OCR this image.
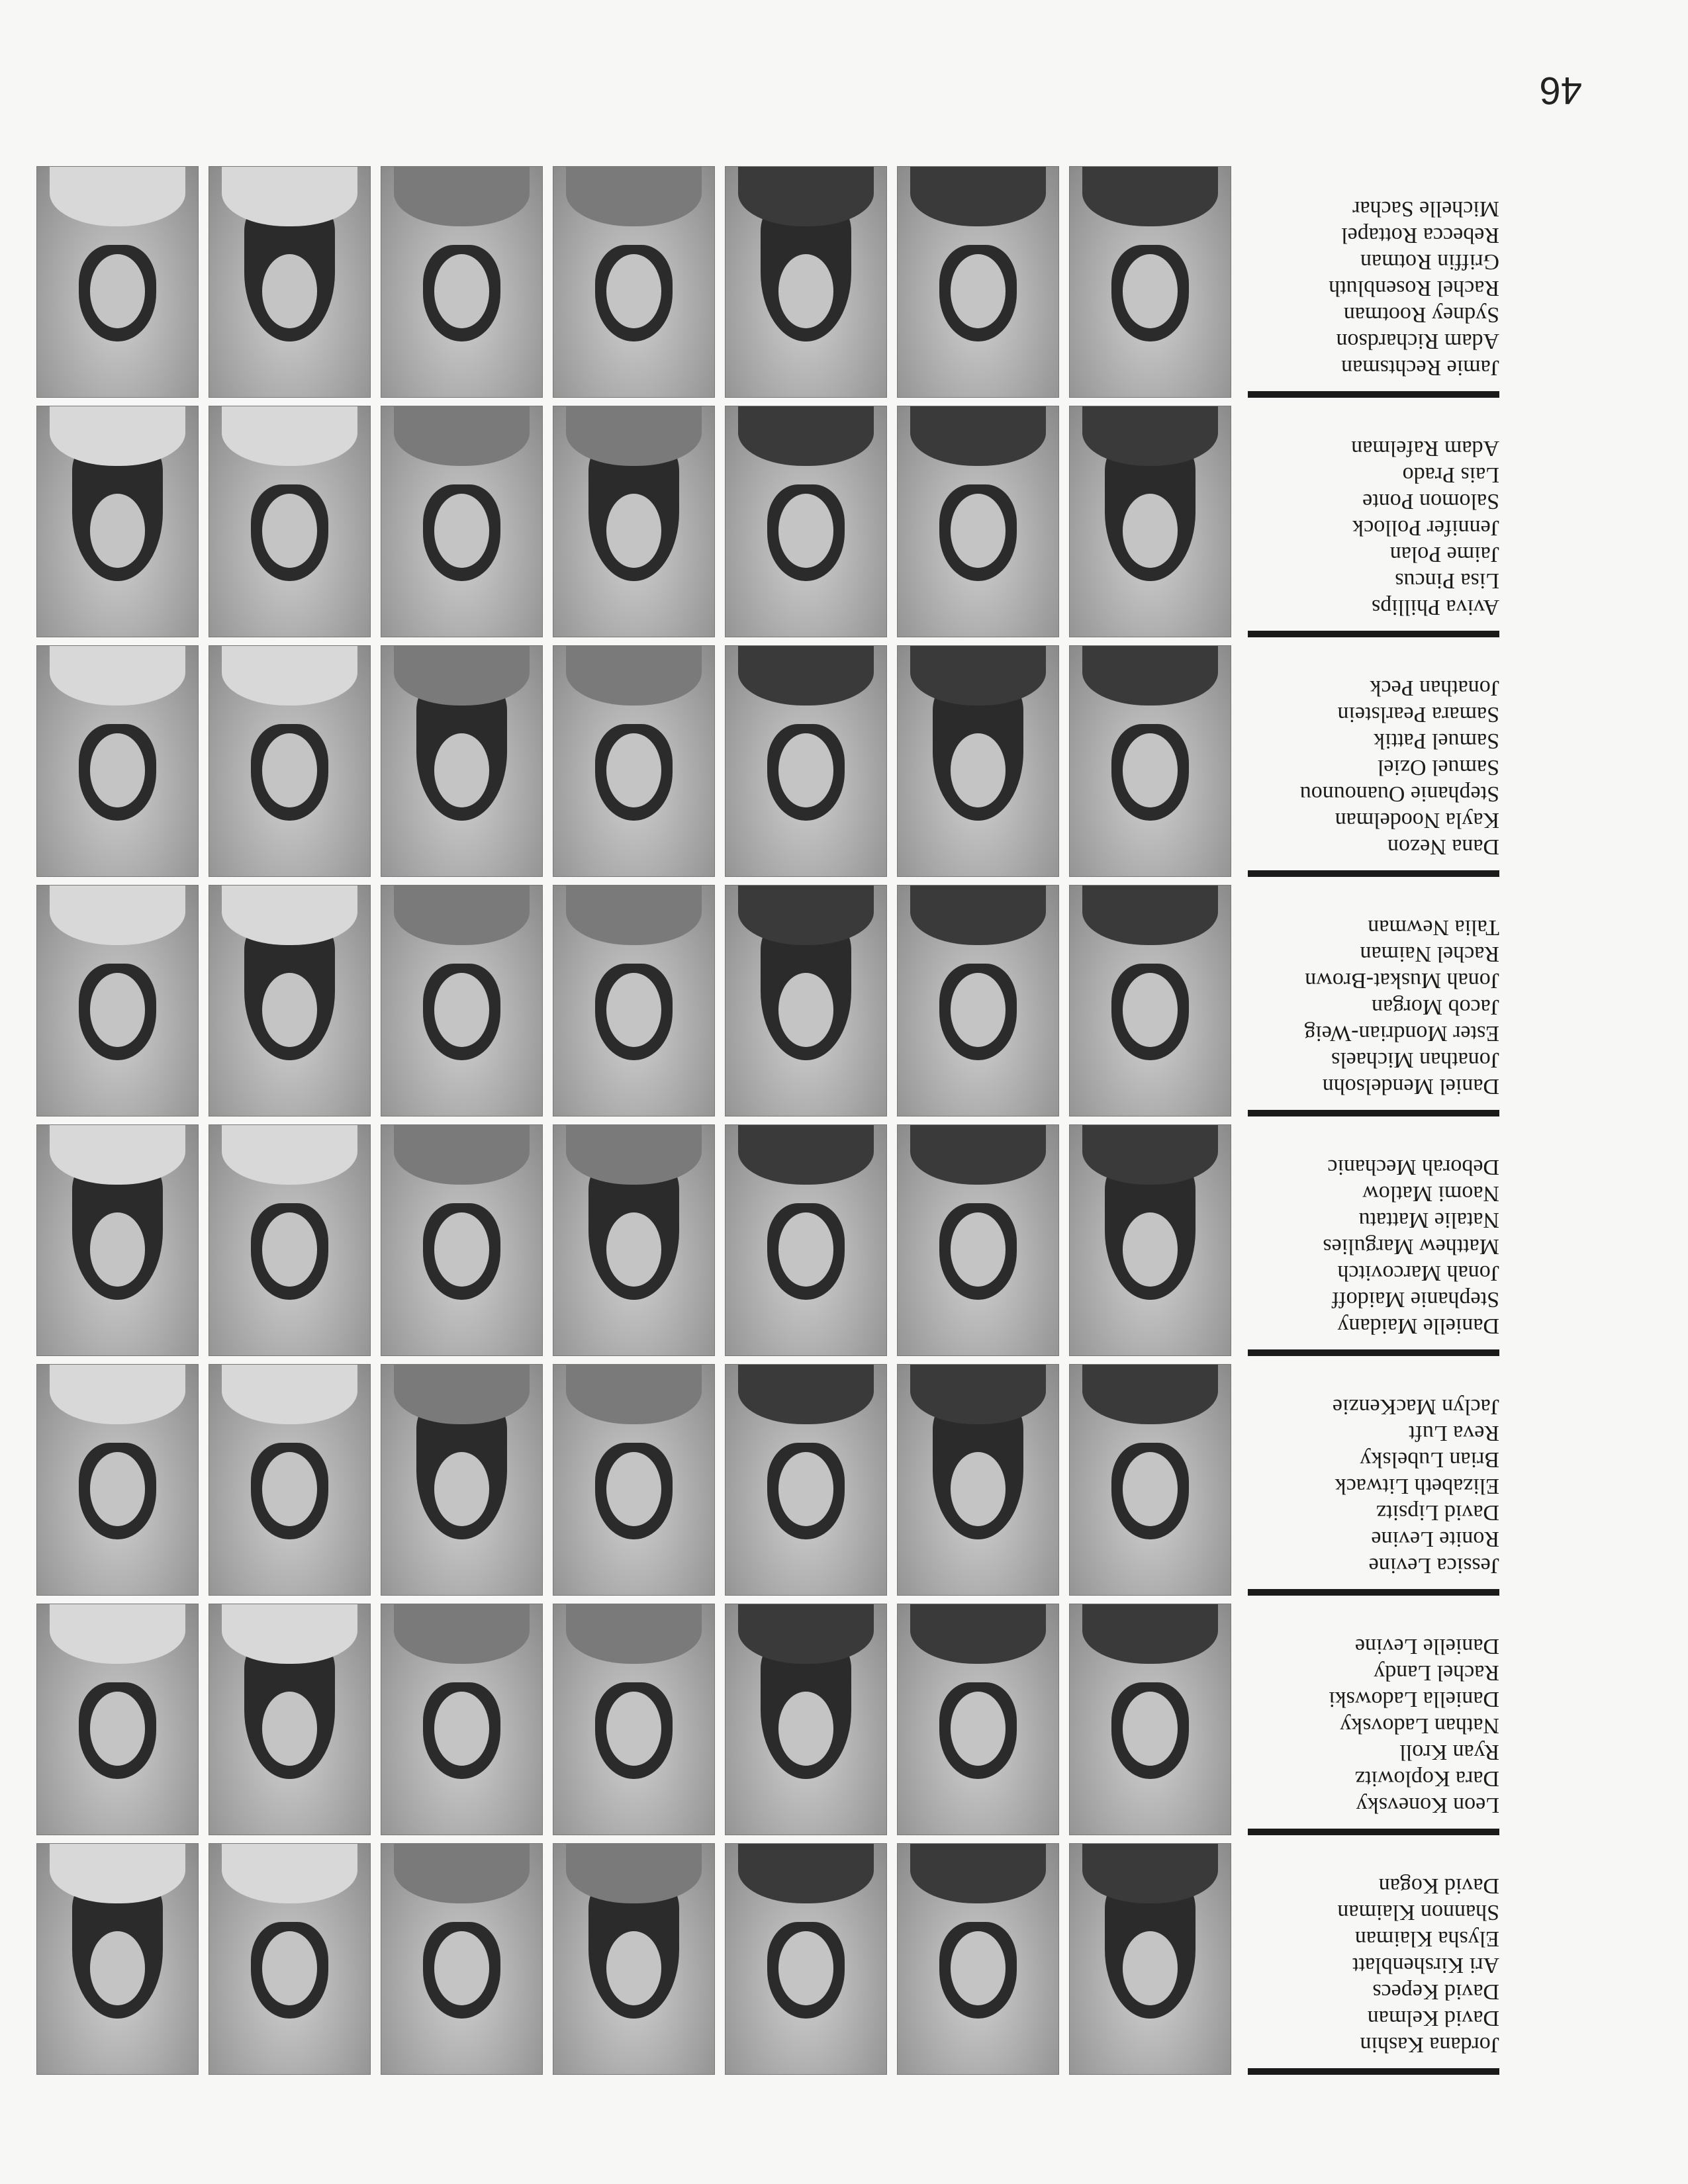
46
Jordana Kashin
David Kelman
David Kepecs
Ari Kirshenblatt
Elysha Klaiman
Shannon Klaiman
David Kogan
Leon Konevsky
Dara Koplowitz
Ryan Kroll
Nathan Ladovsky
Daniella Ladowski
Rachel Landy
Danielle Levine
Jessica Levine
Ronite Levine
David Lipsitz
Elizabeth Litwack
Brian Lubelsky
Reva Luft
Jaclyn MacKenzie
Danielle Maidany
Stephanie Maidoff
Jonah Marcovitch
Matthew Margulies
Natalie Mattatu
Naomi Matlow
Deborah Mechanic
Daniel Mendelsohn
Jonathan Michaels
Ester Mondrian-Weig
Jacob Morgan
Jonah Muskat-Brown
Rachel Naiman
Talia Newman
Dana Nezon
Kayla Noodelman
Stephanie Ouanounou
Samuel Oziel
Samuel Pattik
Samara Pearlstein
Jonathan Peck
Aviva Phillips
Lisa Pincus
Jaime Polan
Jennifer Pollock
Salomon Ponte
Lais Prado
Adam Rafelman
Jamie Rechtsman
Adam Richardson
Sydney Rootman
Rachel Rosenbluth
Griffin Rotman
Rebecca Rottapel
Michelle Sachar
